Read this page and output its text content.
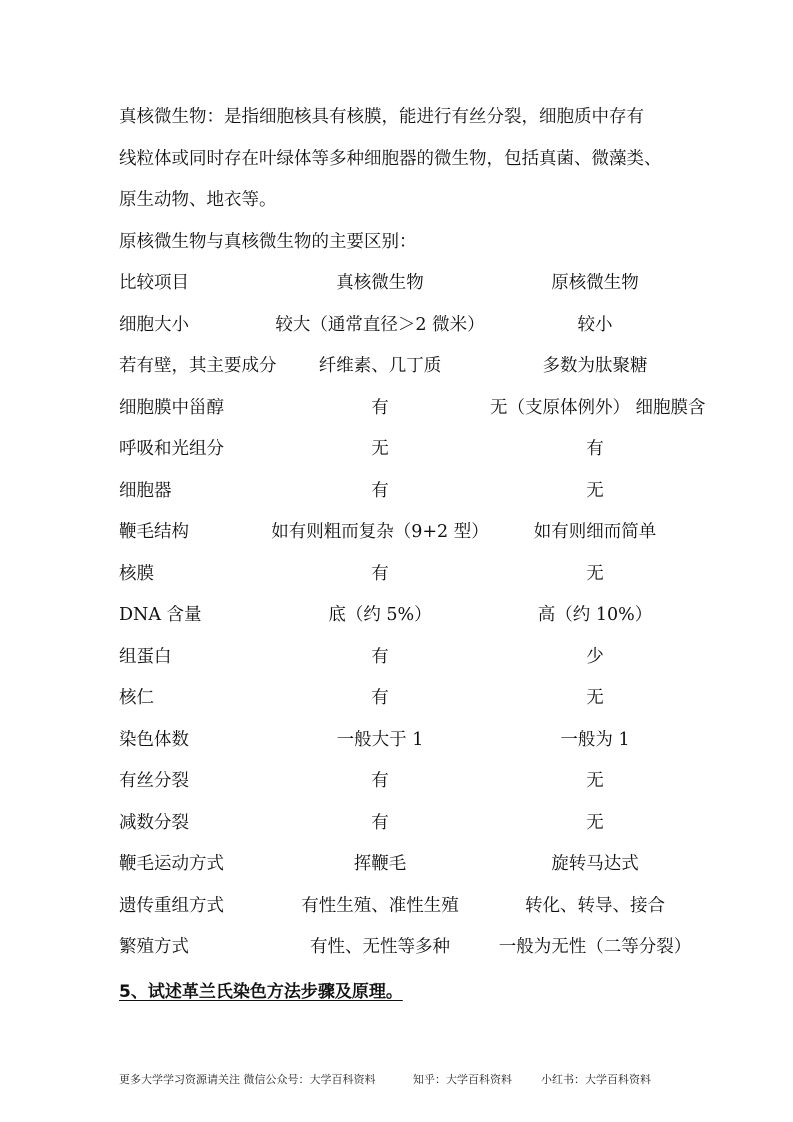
真核微生物：是指细胞核具有核膜，能进行有丝分裂，细胞质中存有
线粒体或同时存在叶绿体等多种细胞器的微生物，包括真菌、微藻类、
原生动物、地衣等。
原核微生物与真核微生物的主要区别：
比较项目	真核微生物	原核微生物
细胞大小	较大（通常直径＞2 微米）	较小
若有壁，其主要成分	纤维素、几丁质	多数为肽聚糖
细胞膜中甾醇	有	无（支原体例外） 细胞膜含
呼吸和光组分	无	有
细胞器	有	无
鞭毛结构	如有则粗而复杂（9+2 型）	如有则细而简单
核膜	有	无
DNA 含量	底（约 5%）	高（约 10%）
组蛋白	有	少
核仁	有	无
染色体数	一般大于 1	一般为 1
有丝分裂	有	无
减数分裂	有	无
鞭毛运动方式	挥鞭毛	旋转马达式
遗传重组方式	有性生殖、准性生殖	转化、转导、接合
繁殖方式	有性、无性等多种	一般为无性（二等分裂）
5、试述革兰氏染色方法步骤及原理。
更多大学学习资源请关注 微信公众号：大学百科资料	知乎：大学百科资料	小红书：大学百科资料
